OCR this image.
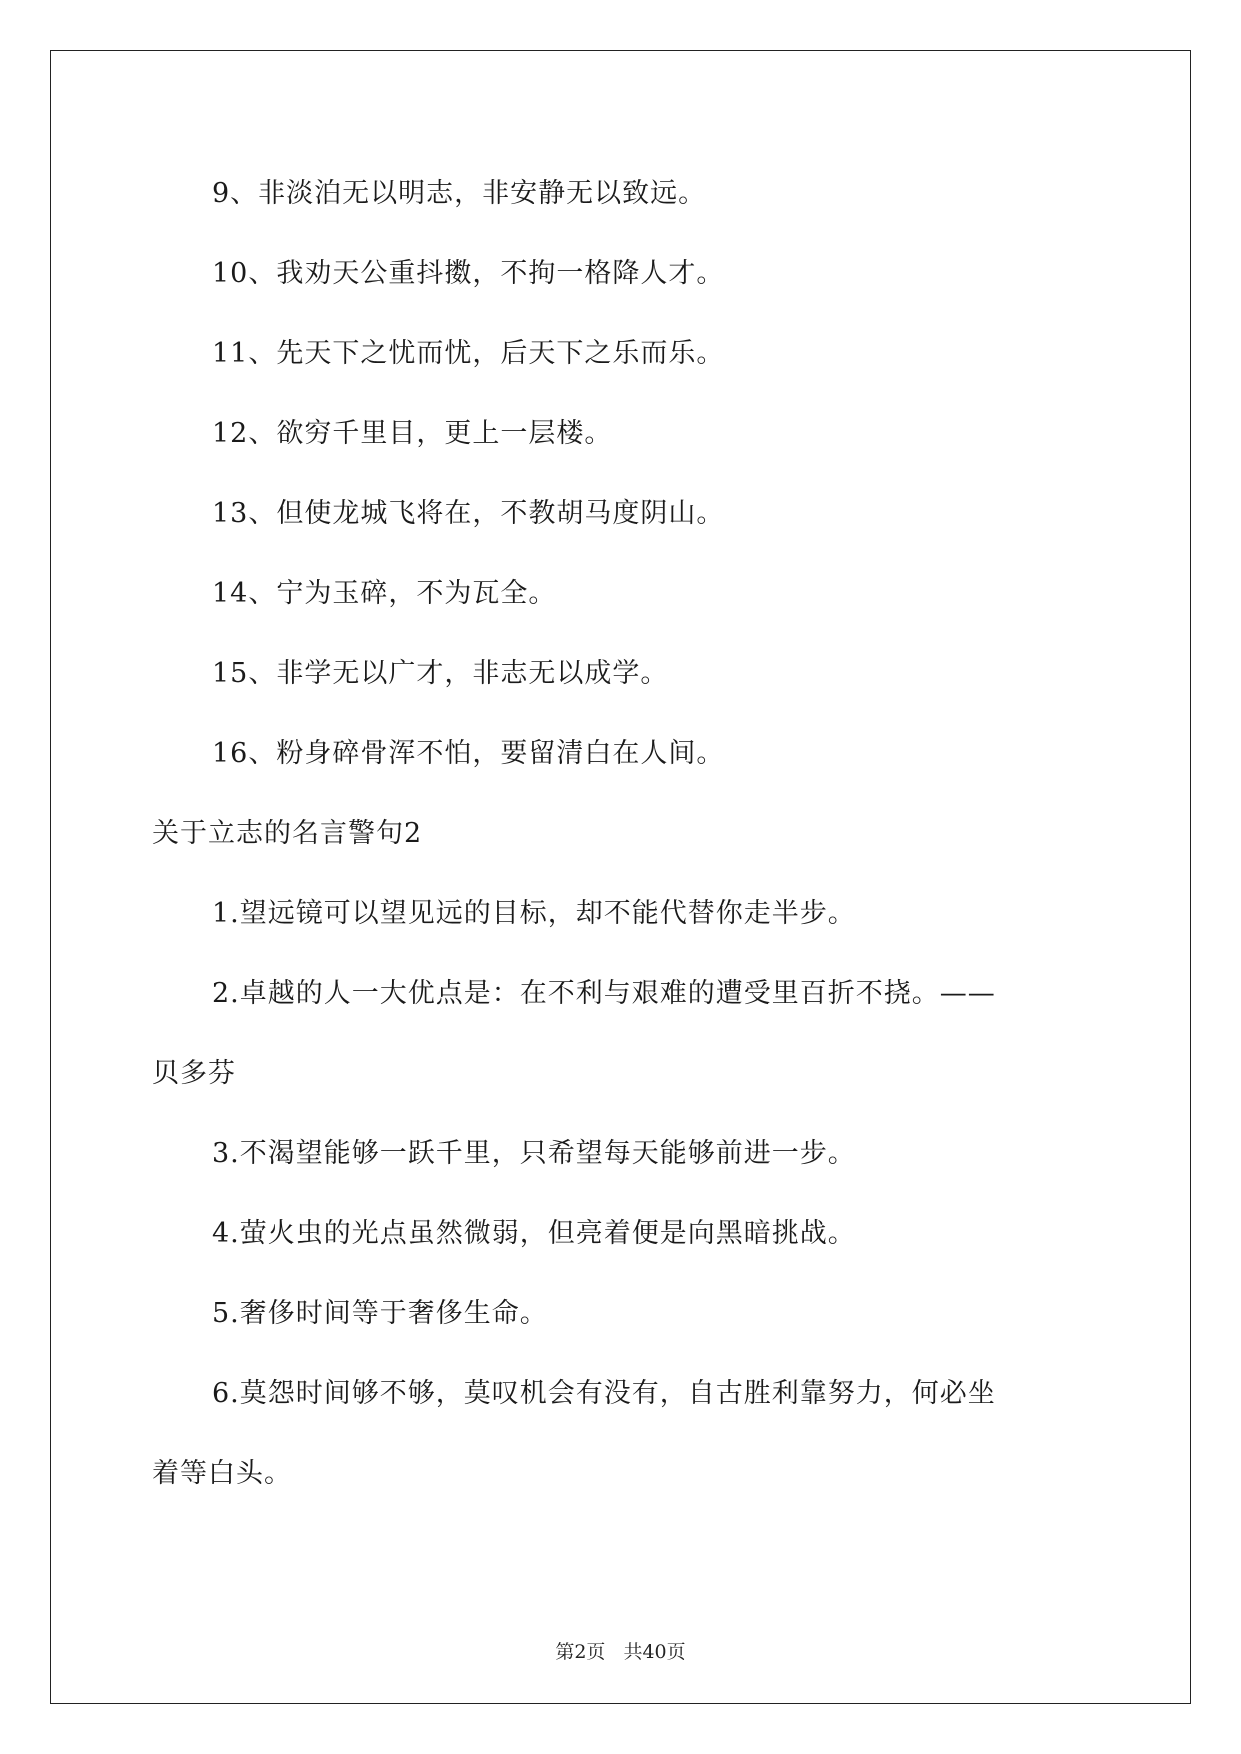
9、非淡泊无以明志，非安静无以致远。
10、我劝天公重抖擞，不拘一格降人才。
11、先天下之忧而忧，后天下之乐而乐。
12、欲穷千里目，更上一层楼。
13、但使龙城飞将在，不教胡马度阴山。
14、宁为玉碎，不为瓦全。
15、非学无以广才，非志无以成学。
16、粉身碎骨浑不怕，要留清白在人间。
关于立志的名言警句2
1.望远镜可以望见远的目标，却不能代替你走半步。
2.卓越的人一大优点是：在不利与艰难的遭受里百折不挠。——
贝多芬
3.不渴望能够一跃千里，只希望每天能够前进一步。
4.萤火虫的光点虽然微弱，但亮着便是向黑暗挑战。
5.奢侈时间等于奢侈生命。
6.莫怨时间够不够，莫叹机会有没有，自古胜利靠努力，何必坐
着等白头。
第2页 共40页
